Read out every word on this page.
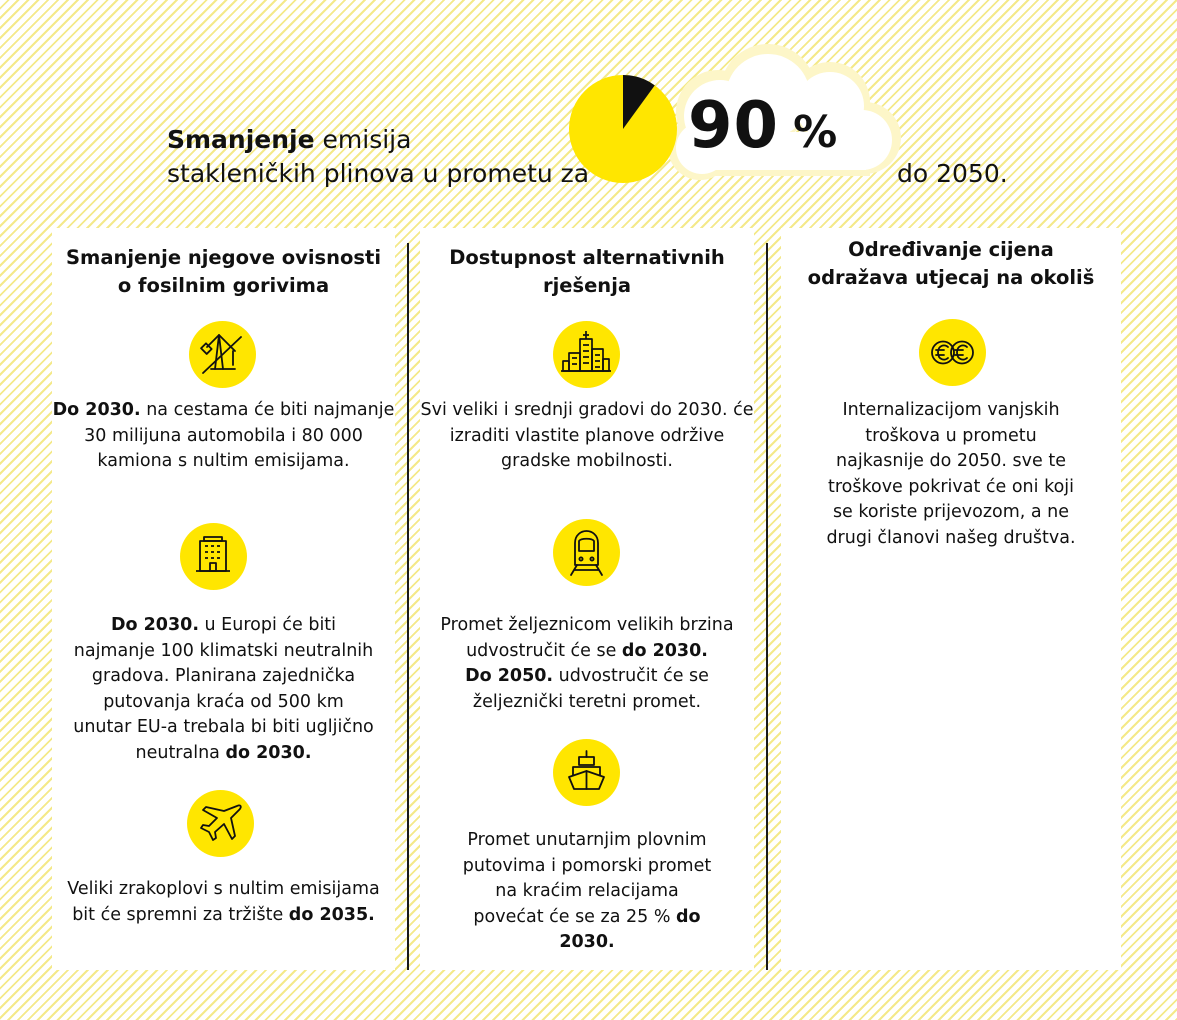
Smanjenje emisija
stakleničkih plinova u prometu za
90 %
do 2050.
Smanjenje njegove ovisnosti
o fosilnim gorivima
Do 2030. na cestama će biti najmanje 30 milijuna automobila i 80 000 kamiona s nultim emisijama.
Do 2030. u Europi će biti najmanje 100 klimatski neutralnih gradova. Planirana zajednička putovanja kraća od 500 km unutar EU-a trebala bi biti ugljično neutralna do 2030.
Veliki zrakoplovi s nultim emisijama bit će spremni za tržište do 2035.
Dostupnost alternativnih
rješenja
Svi veliki i srednji gradovi do 2030. će izraditi vlastite planove održive gradske mobilnosti.
Promet željeznicom velikih brzina udvostručit će se do 2030.
Do 2050. udvostručit će se željeznički teretni promet.
Promet unutarnjim plovnim putovima i pomorski promet na kraćim relacijama povećat će se za 25 % do 2030.
Određivanje cijena
odražava utjecaj na okoliš
Internalizacijom vanjskih troškova u prometu najkasnije do 2050. sve te troškove pokrivat će oni koji se koriste prijevozom, a ne drugi članovi našeg društva.
